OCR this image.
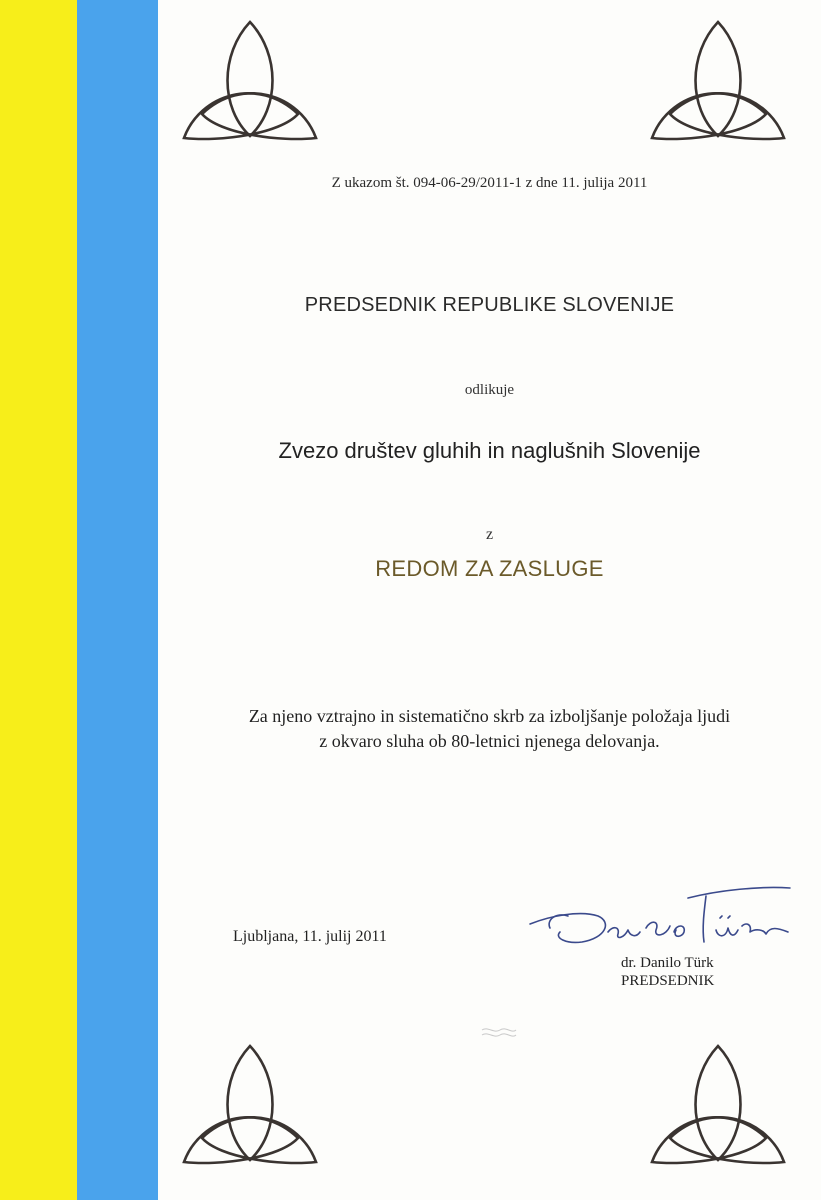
Z ukazom št. 094-06-29/2011-1 z dne 11. julija 2011
PREDSEDNIK REPUBLIKE SLOVENIJE
odlikuje
Zvezo društev gluhih in naglušnih Slovenije
z
REDOM ZA ZASLUGE
Za njeno vztrajno in sistematično skrb za izboljšanje položaja ljudi
z okvaro sluha ob 80-letnici njenega delovanja.
Ljubljana, 11. julij 2011
dr. Danilo Türk
PREDSEDNIK
